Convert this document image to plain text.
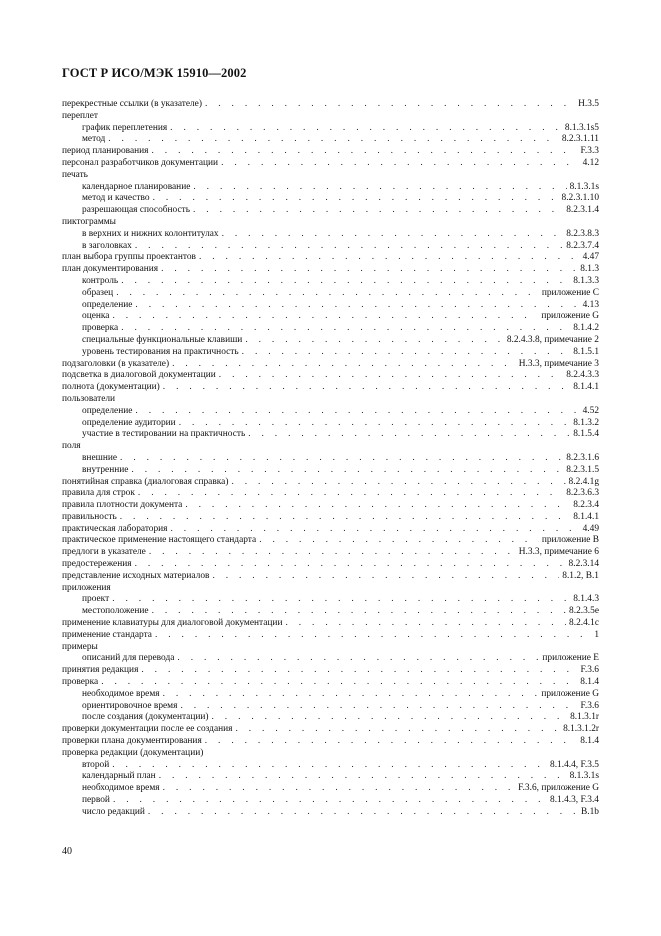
ГОСТ Р ИСО/МЭК 15910—2002
перекрестные ссылки (в указателе) . . .	H.3.5
переплет
график переплетения . . .	8.1.3.1s5
метод . . .	8.2.3.1.11
период планирования . . .	F.3.3
персонал разработчиков документации . . .	4.12
печать
календарное планирование . . .	8.1.3.1s
метод и качество . . .	8.2.3.1.10
разрешающая способность . . .	8.2.3.1.4
пиктограммы
в верхних и нижних колонтитулах . . .	8.2.3.8.3
в заголовках . . .	8.2.3.7.4
план выбора группы проектантов . . .	4.47
план документирования . . .	8.1.3
контроль . . .	8.1.3.3
образец . . .	приложение C
определение . . .	4.13
оценка . . .	приложение G
проверка . . .	8.1.4.2
специальные функциональные клавиши . . .	8.2.4.3.8, примечание 2
уровень тестирования на практичность . . .	8.1.5.1
подзаголовки (в указателе) . . .	H.3.3, примечание 3
подсветка в диалоговой документации . . .	8.2.4.3.3
полнота (документации) . . .	8.1.4.1
пользователи
определение . . .	4.52
определение аудитории . . .	8.1.3.2
участие в тестировании на практичность . . .	8.1.5.4
поля
внешние . . .	8.2.3.1.6
внутренние . . .	8.2.3.1.5
понятийная справка (диалоговая справка) . . .	8.2.4.1g
правила для строк . . .	8.2.3.6.3
правила плотности документа . . .	8.2.3.4
правильность . . .	8.1.4.1
практическая лаборатория . . .	4.49
практическое применение настоящего стандарта . . .	приложение B
предлоги в указателе . . .	H.3.3, примечание 6
предостережения . . .	8.2.3.14
представление исходных материалов . . .	8.1.2, B.1
приложения
проект . . .	8.1.4.3
местоположение . . .	8.2.3.5e
применение клавиатуры для диалоговой документации . . .	8.2.4.1c
применение стандарта . . .	1
примеры
описаний для перевода . . .	приложение E
принятия редакция . . .	F.3.6
проверка . . .	8.1.4
необходимое время . . .	приложение G
ориентировочное время . . .	F.3.6
после создания (документации) . . .	8.1.3.1r
проверки документации после ее создания . . .	8.1.3.1.2r
проверки плана документирования . . .	8.1.4
проверка редакции (документации)
второй . . .	8.1.4.4, F.3.5
календарный план . . .	8.1.3.1s
необходимое время . . .	F.3.6, приложение G
первой . . .	8.1.4.3, F.3.4
число редакций . . .	B.1b
40
